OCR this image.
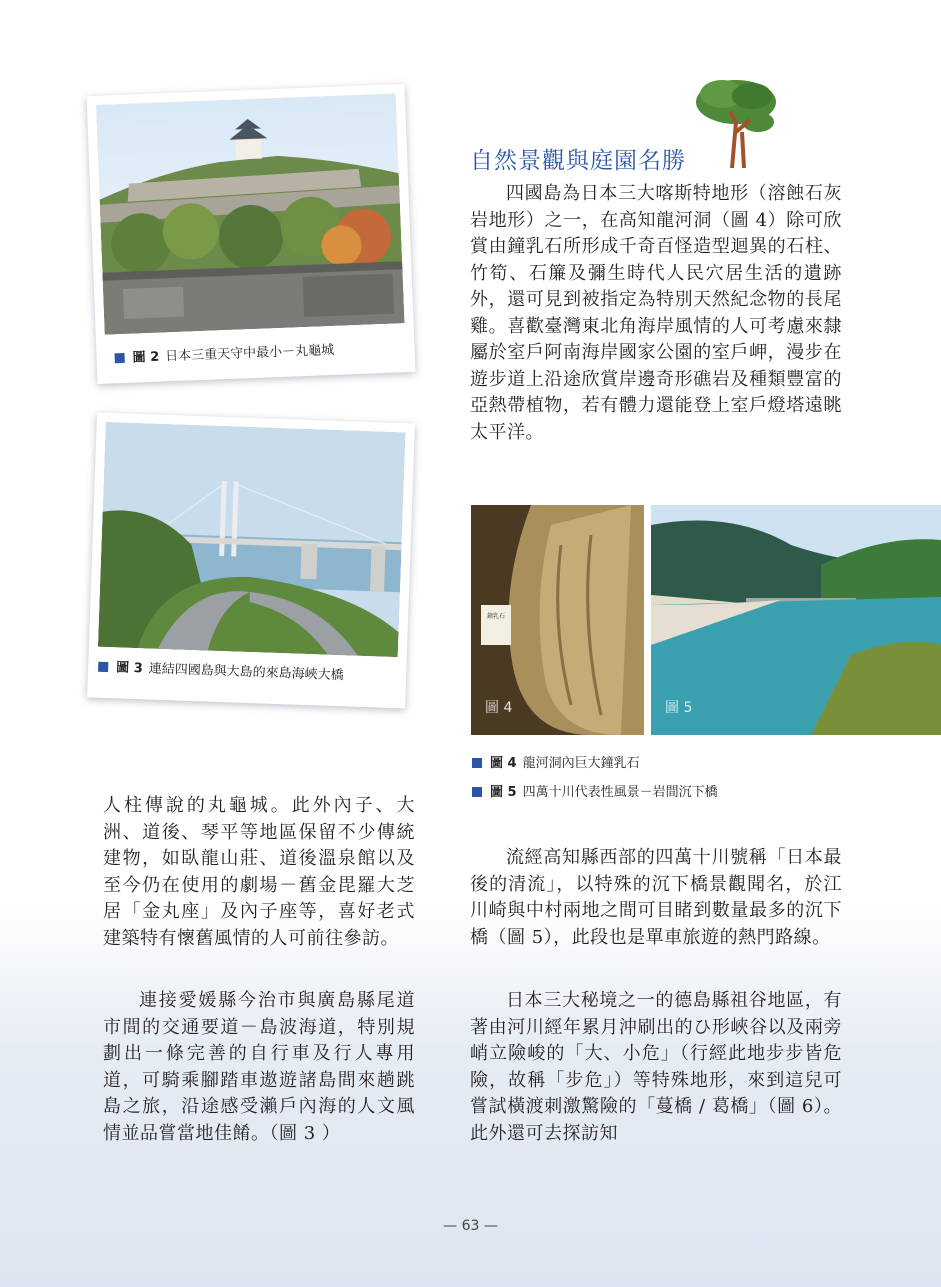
圖 2 日本三重天守中最小－丸龜城
圖 3 連結四國島與大島的來島海峽大橋
自然景觀與庭園名勝

四國島為日本三大喀斯特地形（溶蝕石灰岩地形）之一，在高知龍河洞（圖 4）除可欣賞由鐘乳石所形成千奇百怪造型迴異的石柱、竹筍、石簾及彌生時代人民穴居生活的遺跡外，還可見到被指定為特別天然紀念物的長尾雞。喜歡臺灣東北角海岸風情的人可考慮來隸屬於室戶阿南海岸國家公園的室戶岬，漫步在遊步道上沿途欣賞岸邊奇形礁岩及種類豐富的亞熱帶植物，若有體力還能登上室戶燈塔遠眺太平洋。

鐘乳石
圖 4	圖 5
圖 4 龍河洞內巨大鐘乳石
圖 5 四萬十川代表性風景－岩間沉下橋

人柱傳說的丸龜城。此外內子、大洲、道後、琴平等地區保留不少傳統建物，如臥龍山莊、道後溫泉館以及至今仍在使用的劇場－舊金毘羅大芝居「金丸座」及內子座等，喜好老式建築特有懷舊風情的人可前往參訪。

連接愛媛縣今治市與廣島縣尾道市間的交通要道－島波海道，特別規劃出一條完善的自行車及行人專用道，可騎乘腳踏車遨遊諸島間來趟跳島之旅，沿途感受瀨戶內海的人文風情並品嘗當地佳餚。（圖 3 ）

流經高知縣西部的四萬十川號稱「日本最後的清流」，以特殊的沉下橋景觀聞名，於江川崎與中村兩地之間可目睹到數量最多的沉下橋（圖 5），此段也是單車旅遊的熱門路線。

日本三大秘境之一的德島縣祖谷地區，有著由河川經年累月沖刷出的ひ形峽谷以及兩旁峭立險峻的「大、小危」（行經此地步步皆危險，故稱「步危」）等特殊地形，來到這兒可嘗試橫渡刺激驚險的「蔓橋 / 葛橋」（圖 6）。此外還可去探訪知

— 63 —
